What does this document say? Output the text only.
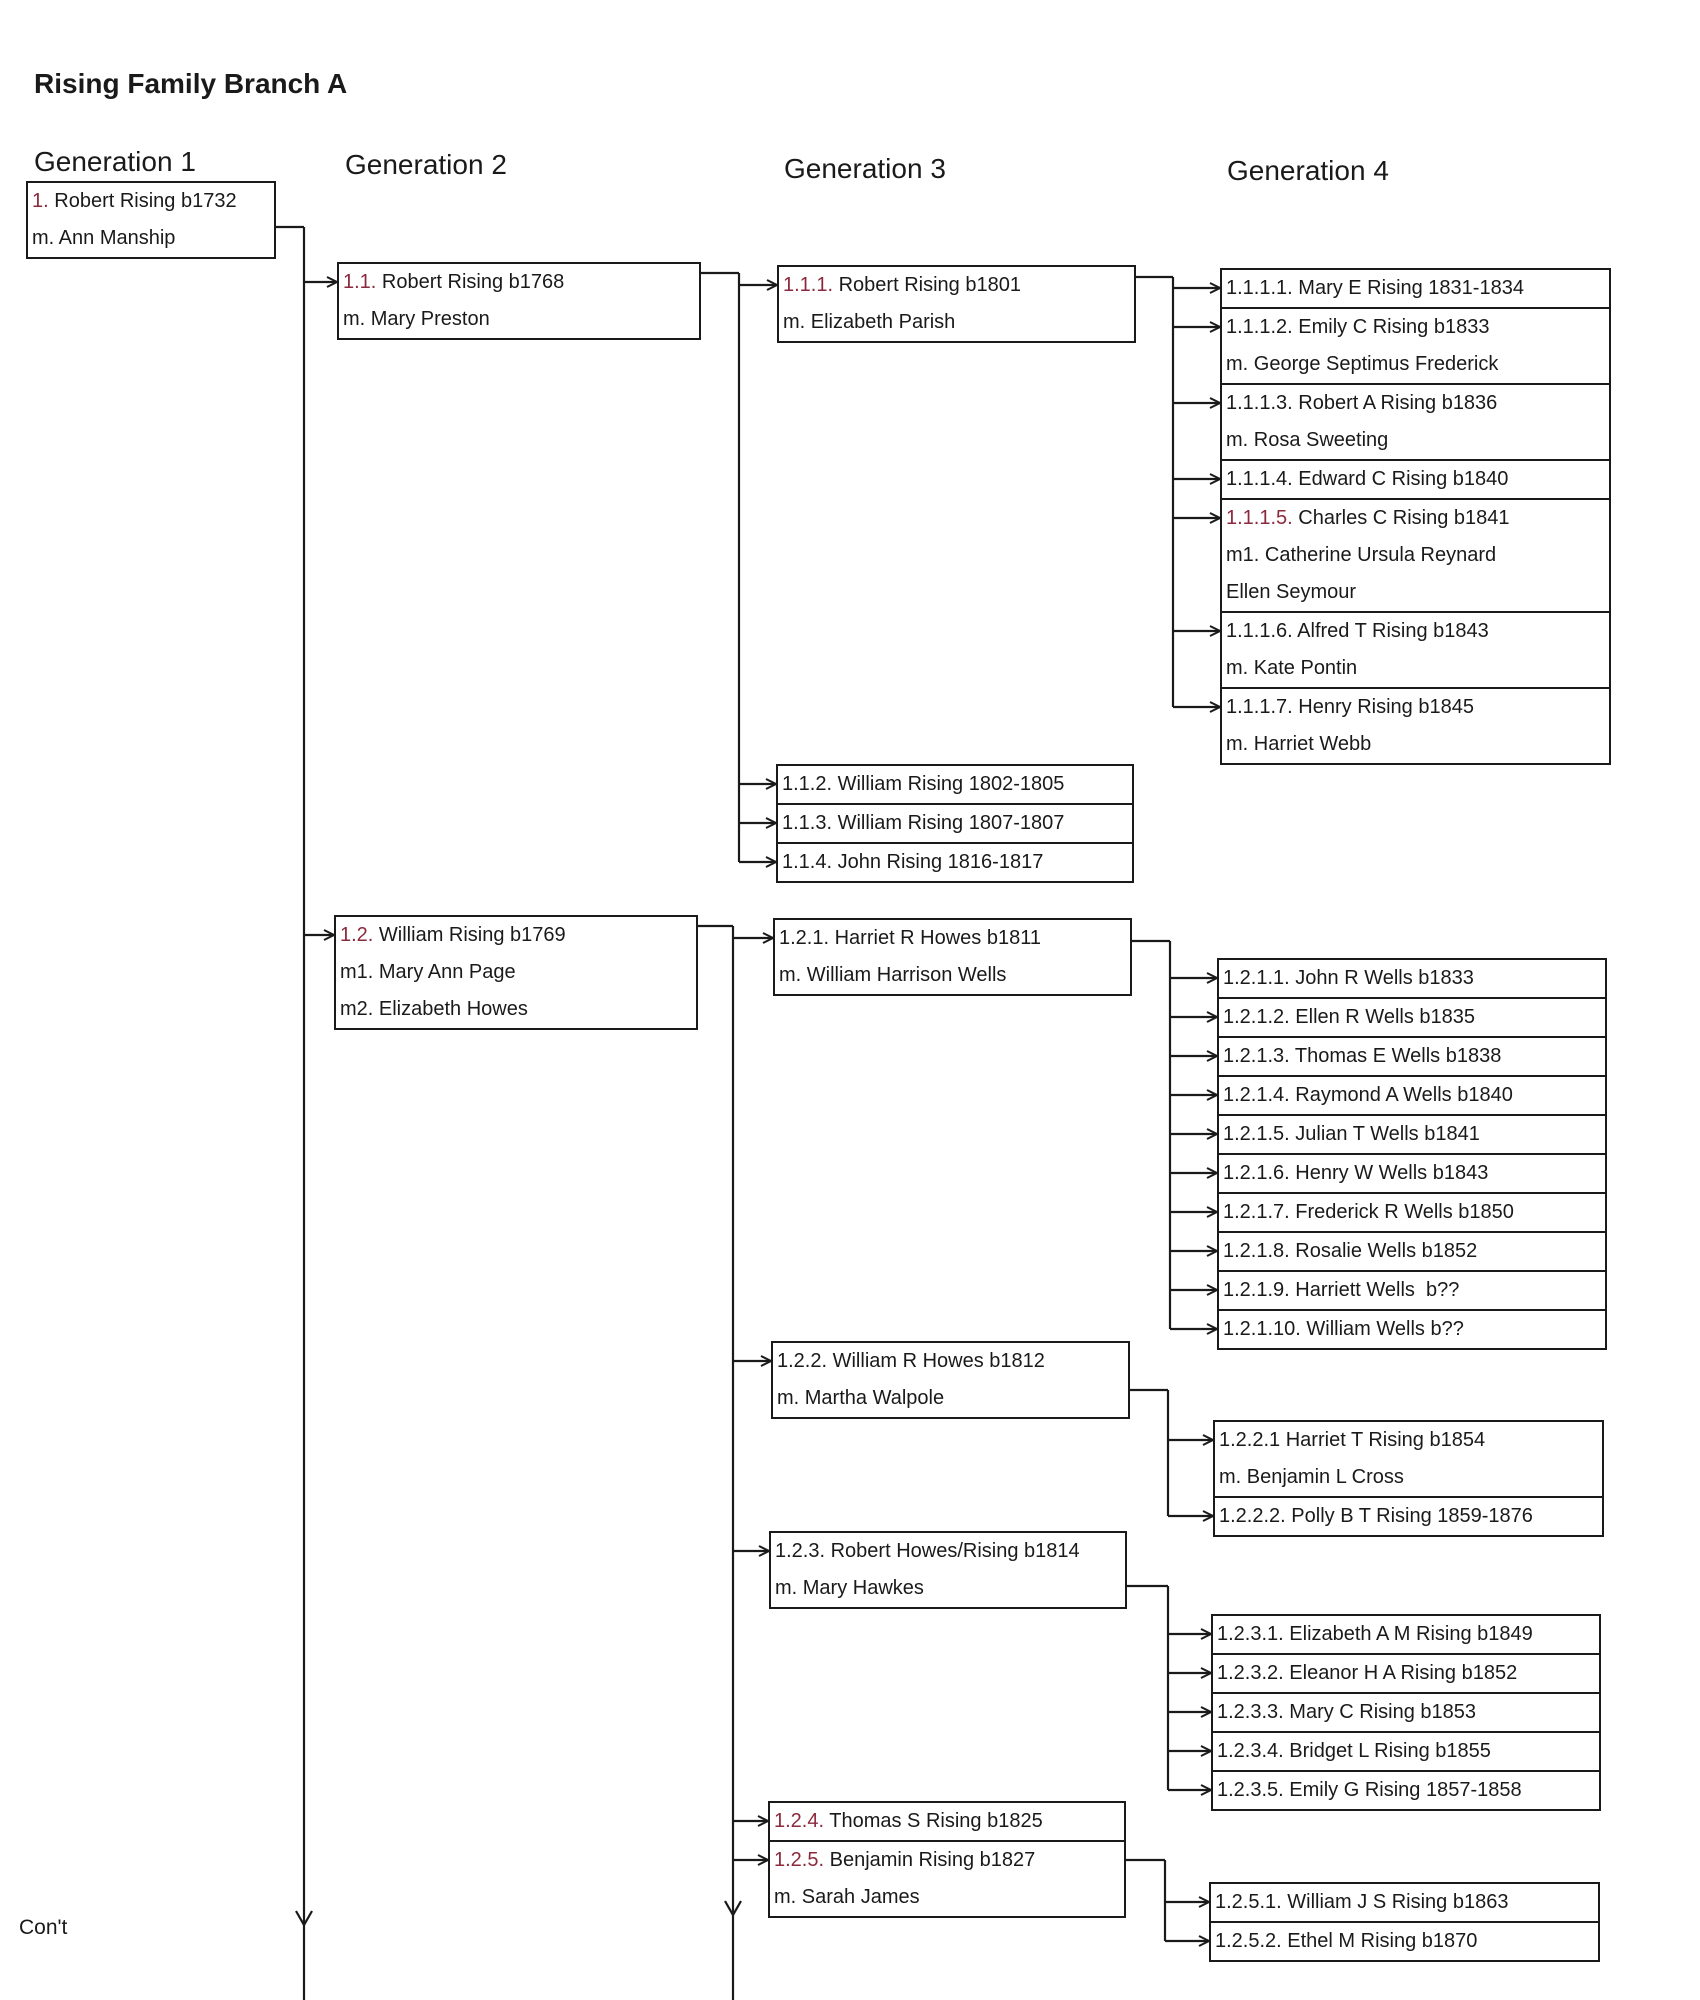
Rising Family Branch A
Generation 1	Generation 2	Generation 3	Generation 4
1. Robert Rising b1732
m. Ann Manship
1.1. Robert Rising b1768
m. Mary Preston
1.1.1. Robert Rising b1801
m. Elizabeth Parish
1.1.1.1. Mary E Rising 1831-1834
1.1.1.2. Emily C Rising b1833
m. George Septimus Frederick
1.1.1.3. Robert A Rising b1836
m. Rosa Sweeting
1.1.1.4. Edward C Rising b1840
1.1.1.5. Charles C Rising b1841
m1. Catherine Ursula Reynard
Ellen Seymour
1.1.1.6. Alfred T Rising b1843
m. Kate Pontin
1.1.1.7. Henry Rising b1845
m. Harriet Webb
1.1.2. William Rising 1802-1805
1.1.3. William Rising 1807-1807
1.1.4. John Rising 1816-1817
1.2. William Rising b1769
m1. Mary Ann Page
m2. Elizabeth Howes
1.2.1. Harriet R Howes b1811
m. William Harrison Wells	1.2.1.1. John R Wells b1833
1.2.1.2. Ellen R Wells b1835
1.2.1.3. Thomas E Wells b1838
1.2.1.4. Raymond A Wells b1840
1.2.1.5. Julian T Wells b1841
1.2.1.6. Henry W Wells b1843
1.2.1.7. Frederick R Wells b1850
1.2.1.8. Rosalie Wells b1852
1.2.1.9. Harriett Wells  b??
1.2.1.10. William Wells b??
1.2.2. William R Howes b1812
m. Martha Walpole
1.2.2.1 Harriet T Rising b1854
m. Benjamin L Cross
1.2.2.2. Polly B T Rising 1859-1876
1.2.3. Robert Howes/Rising b1814
m. Mary Hawkes
1.2.3.1. Elizabeth A M Rising b1849
1.2.3.2. Eleanor H A Rising b1852
1.2.3.3. Mary C Rising b1853
1.2.3.4. Bridget L Rising b1855
1.2.3.5. Emily G Rising 1857-1858
1.2.4. Thomas S Rising b1825
1.2.5. Benjamin Rising b1827
m. Sarah James	1.2.5.1. William J S Rising b1863
1.2.5.2. Ethel M Rising b1870
Con't
